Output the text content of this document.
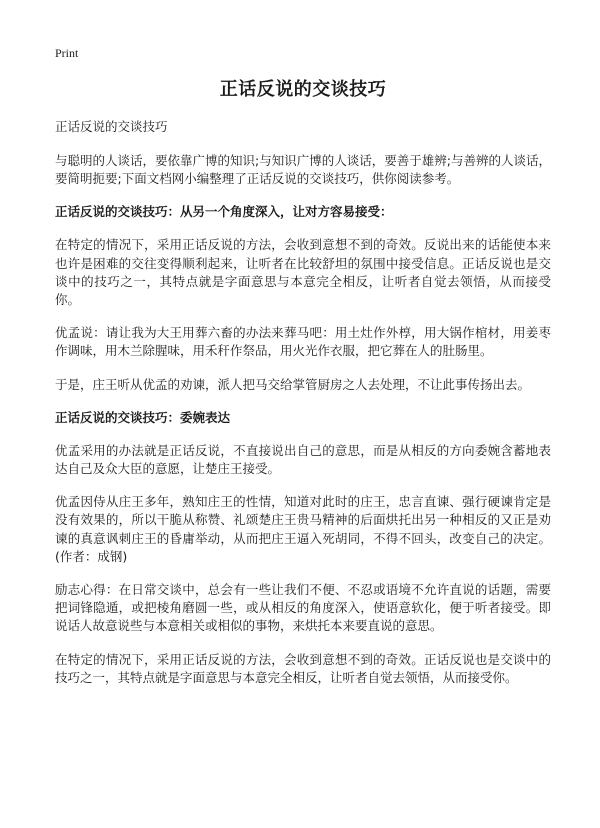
Print
正话反说的交谈技巧
正话反说的交谈技巧

与聪明的人谈话，要依靠广博的知识;与知识广博的人谈话，要善于雄辨;与善辨的人谈话，要简明扼要;下面文档网小编整理了正话反说的交谈技巧，供你阅读参考。

正话反说的交谈技巧：从另一个角度深入，让对方容易接受：

在特定的情况下，采用正话反说的方法，会收到意想不到的奇效。反说出来的话能使本来也许是困难的交往变得顺利起来，让听者在比较舒坦的氛围中接受信息。正话反说也是交谈中的技巧之一，其特点就是字面意思与本意完全相反，让听者自觉去领悟，从而接受你。

优孟说：请让我为大王用葬六畜的办法来葬马吧：用土灶作外椁，用大锅作棺材，用姜枣作调味，用木兰除腥味，用禾秆作祭品，用火光作衣服，把它葬在人的肚肠里。

于是，庄王听从优孟的劝谏，派人把马交给掌管厨房之人去处理，不让此事传扬出去。

正话反说的交谈技巧：委婉表达

优孟采用的办法就是正话反说，不直接说出自己的意思，而是从相反的方向委婉含蓄地表达自己及众大臣的意愿，让楚庄王接受。

优孟因侍从庄王多年，熟知庄王的性情，知道对此时的庄王，忠言直谏、强行硬谏肯定是没有效果的，所以干脆从称赞、礼颂楚庄王贵马精神的后面烘托出另一种相反的又正是劝谏的真意讽刺庄王的昏庸举动，从而把庄王逼入死胡同，不得不回头，改变自己的决定。(作者：成钢)

励志心得：在日常交谈中，总会有一些让我们不便、不忍或语境不允许直说的话题，需要把词锋隐遁，或把棱角磨圆一些，或从相反的角度深入，使语意软化，便于听者接受。即说话人故意说些与本意相关或相似的事物，来烘托本来要直说的意思。

在特定的情况下，采用正话反说的方法，会收到意想不到的奇效。正话反说也是交谈中的技巧之一，其特点就是字面意思与本意完全相反，让听者自觉去领悟，从而接受你。
